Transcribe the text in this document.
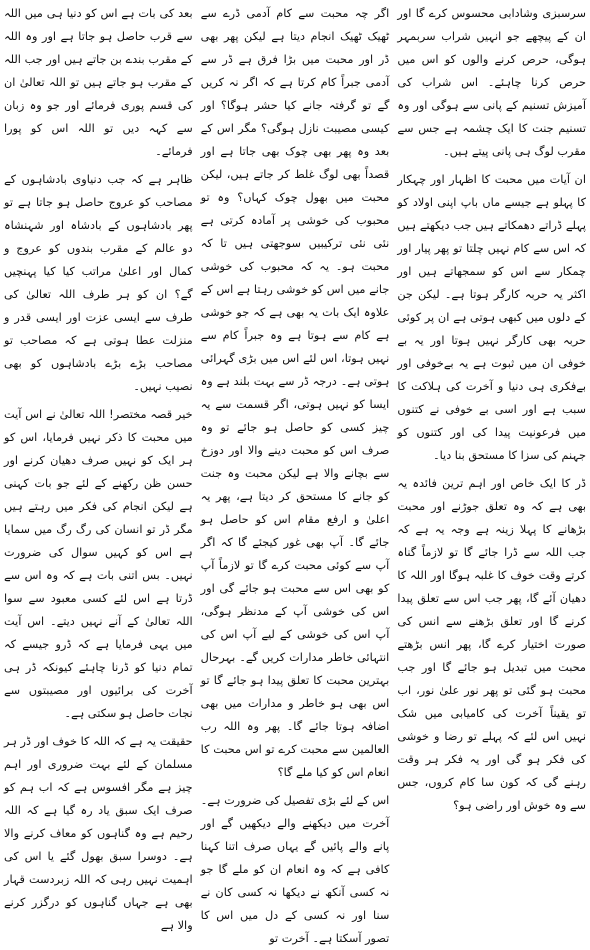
سرسبزی وشادابی محسوس کرے گا اور ان کے پیچھے جو انہیں شراب سربمہر ہوگی، حرص کرنے والوں کو اس میں حرص کرنا چاہئے۔ اس شراب کی آمیزش تسنیم کے پانی سے ہوگی اور وہ تسنیم جنت کا ایک چشمہ ہے جس سے مقرب لوگ ہی پانی پیتے ہیں۔

ان آیات میں محبت کا اظہار اور چہکار کا پہلو ہے جیسے ماں باپ اپنی اولاد کو پہلے ڈراتے دھمکاتے ہیں جب دیکھتے ہیں کہ اس سے کام نہیں چلتا تو پھر پیار اور چمکار سے اس کو سمجھاتے ہیں اور اکثر یہ حربہ کارگر ہوتا ہے۔ لیکن جن کے دلوں میں کبھی ہوتی ہے ان پر کوئی حربہ بھی کارگر نہیں ہوتا اور یہ بے خوفی ان میں ثبوت ہے یہ بےخوفی اور بےفکری ہی دنیا و آخرت کی ہلاکت کا سبب ہے اور اسی بے خوفی نے کتنوں میں فرعونیت پیدا کی اور کتنوں کو جہنم کی سزا کا مستحق بنا دیا۔

ڈر کا ایک خاص اور اہم ترین فائدہ یہ بھی ہے کہ وہ تعلق جوڑنے اور محبت بڑھانے کا پہلا زینہ ہے وجہ یہ ہے کہ جب اللہ سے ڈرا جائے گا تو لازماً گناہ کرتے وقت خوف کا غلبہ ہوگا اور اللہ کا دھیان آئے گا، پھر جب اس سے تعلق پیدا کرنے گا اور تعلق بڑھنے سے انس کی صورت اختیار کرے گا، پھر انس بڑھتے محبت میں تبدیل ہو جائے گا اور جب محبت ہو گئی تو پھر نور علیٰ نور، اب تو یقیناً آخرت کی کامیابی میں شک نہیں اس لئے کہ پہلے تو رضا و خوشی کی فکر ہو گی اور یہ فکر ہر وقت رہنے گی کہ کون سا کام کروں، جس سے وہ خوش اور راضی ہو؟

اگر چہ محبت سے کام آدمی ڈرے سے ٹھیک ٹھیک انجام دیتا ہے لیکن پھر بھی ڈر اور محبت میں بڑا فرق ہے ڈر سے آدمی جبراً کام کرتا ہے کہ اگر نہ کریں گے تو گرفتہ جانے کیا حشر ہوگا؟ اور کیسی مصیبت نازل ہوگی؟ مگر اس کے بعد وہ پھر بھی چوک بھی جاتا ہے اور قصداً بھی لوگ غلط کر جاتے ہیں، لیکن محبت میں بھول چوک کہاں؟ وہ تو محبوب کی خوشی پر آمادہ کرتی ہے نئی نئی ترکیبیں سوجھتی ہیں تا کہ محبت ہو۔ یہ کہ محبوب کی خوشی جانے میں اس کو خوشی رہتا ہے اس کے علاوہ ایک بات یہ بھی ہے کہ جو خوشی ہے کام سے ہوتا ہے وہ جبراً کام سے نہیں ہوتا، اس لئے اس میں بڑی گہرائی ہوتی ہے۔ درجہ ڈر سے بہت بلند ہے وہ ایسا کو نہیں ہوتی، اگر قسمت سے یہ چیز کسی کو حاصل ہو جائے تو وہ صرف اس کو محبت دینے والا اور دوزخ سے بچانے والا ہے لیکن محبت وہ جنت کو جانے کا مستحق کر دیتا ہے، پھر یہ اعلیٰ و ارفع مقام اس کو حاصل ہو جائے گا۔ آپ بھی غور کیجئے گا کہ اگر آپ سے کوئی محبت کرے گا تو لازماً آپ کو بھی اس سے محبت ہو جائے گی اور اس کی خوشی آپ کے مدنظر ہوگی، آپ اس کی خوشی کے لیے آپ اس کی انتہائی خاطر مدارات کریں گے۔ بہرحال بہترین محبت کا تعلق پیدا ہو جائے گا تو اس بھی ہو خاطر و مدارات میں بھی اضافہ ہوتا جائے گا۔ پھر وہ اللہ رب العالمین سے محبت کرے تو اس محبت کا انعام اس کو کیا ملے گا؟

اس کے لئے بڑی تفصیل کی ضرورت ہے۔ آخرت میں دیکھنے والے دیکھیں گے اور پانے والے پائیں گے یہاں صرف اتنا کہنا کافی ہے کہ وہ انعام ان کو ملے گا جو نہ کسی آنکھ نے دیکھا نہ کسی کان نے سنا اور نہ کسی کے دل میں اس کا تصور آسکتا ہے۔ آخرت تو

بعد کی بات ہے اس کو دنیا ہی میں اللہ سے قرب حاصل ہو جاتا ہے اور وہ اللہ کے مقرب بندے بن جاتے ہیں اور جب اللہ کے مقرب ہو جاتے ہیں تو اللہ تعالیٰ ان کی قسم پوری فرمائے اور جو وہ زبان سے کہہ دیں تو اللہ اس کو پورا فرمائے۔

ظاہر ہے کہ جب دنیاوی بادشاہوں کے مصاحب کو عروج حاصل ہو جاتا ہے تو پھر بادشاہوں کے بادشاہ اور شہنشاہ دو عالم کے مقرب بندوں کو عروج و کمال اور اعلیٰ مراتب کیا کیا پہنچیں گے؟ ان کو ہر طرف اللہ تعالیٰ کی طرف سے ایسی عزت اور ایسی قدر و منزلت عطا ہوتی ہے کہ مصاحب تو مصاحب بڑے بڑے بادشاہوں کو بھی نصیب نہیں۔

خیر قصہ مختصر! اللہ تعالیٰ نے اس آیت میں محبت کا ذکر نہیں فرمایا، اس کو ہر ایک کو نہیں صرف دھیان کرنے اور حسن ظن رکھنے کے لئے جو بات کہنی ہے لیکن انجام کی فکر میں رہتے ہیں مگر ڈر تو انسان کی رگ رگ میں سمایا ہے اس کو کہیں سوال کی ضرورت نہیں۔ بس اتنی بات ہے کہ وہ اس سے ڈرتا ہے اس لئے کسی معبود سے سوا اللہ تعالیٰ کے آنے نہیں دیتے۔ اس آیت میں یہی فرمایا ہے کہ ڈرو جیسے کہ تمام دنیا کو ڈرنا چاہئے کیونکہ ڈر ہی آخرت کی برائیوں اور مصیبتوں سے نجات حاصل ہو سکتی ہے۔

حقیقت یہ ہے کہ اللہ کا خوف اور ڈر ہر مسلمان کے لئے بہت ضروری اور اہم چیز ہے مگر افسوس ہے کہ اب ہم کو صرف ایک سبق یاد رہ گیا ہے کہ اللہ رحیم ہے وہ گناہوں کو معاف کرنے والا ہے۔ دوسرا سبق بھول گئے یا اس کی اہمیت نہیں رہی کہ اللہ زبردست قہار بھی ہے جہاں گناہوں کو درگزر کرنے والا ہے
